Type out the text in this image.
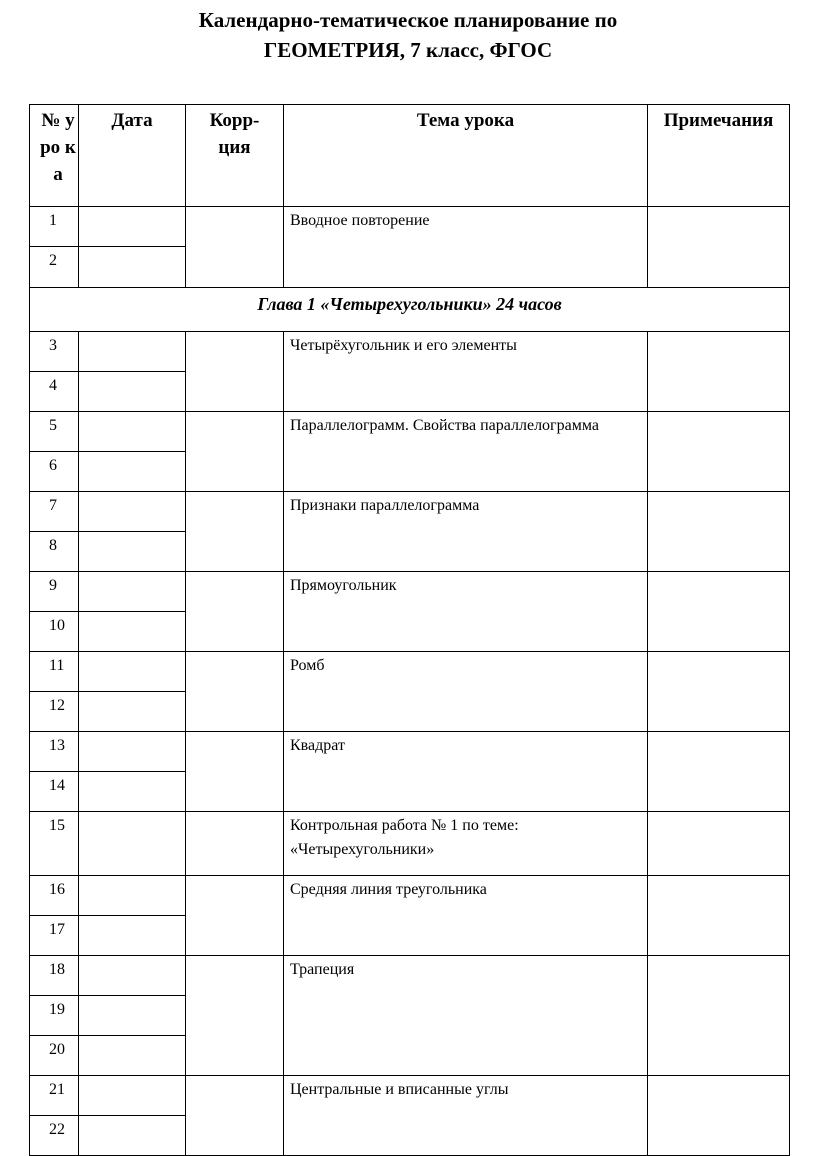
Календарно-тематическое планирование по
ГЕОМЕТРИЯ, 7 класс, ФГОС
№ уро ка	Дата	Корр-ция	Тема урока	Примечания
1			Вводное повторение	
2				
Глава 1 «Четырехугольники» 24 часов				
3			Четырёхугольник и его элементы	
4				
5			Параллелограмм. Свойства параллелограмма	
6				
7			Признаки параллелограмма	
8				
9			Прямоугольник	
10				
11			Ромб	
12				
13			Квадрат	
14				
15			Контрольная работа № 1 по теме: «Четырехугольники»	
16			Средняя линия треугольника	
17				
18			Трапеция	
19				
20				
21			Центральные и вписанные углы	
22				
